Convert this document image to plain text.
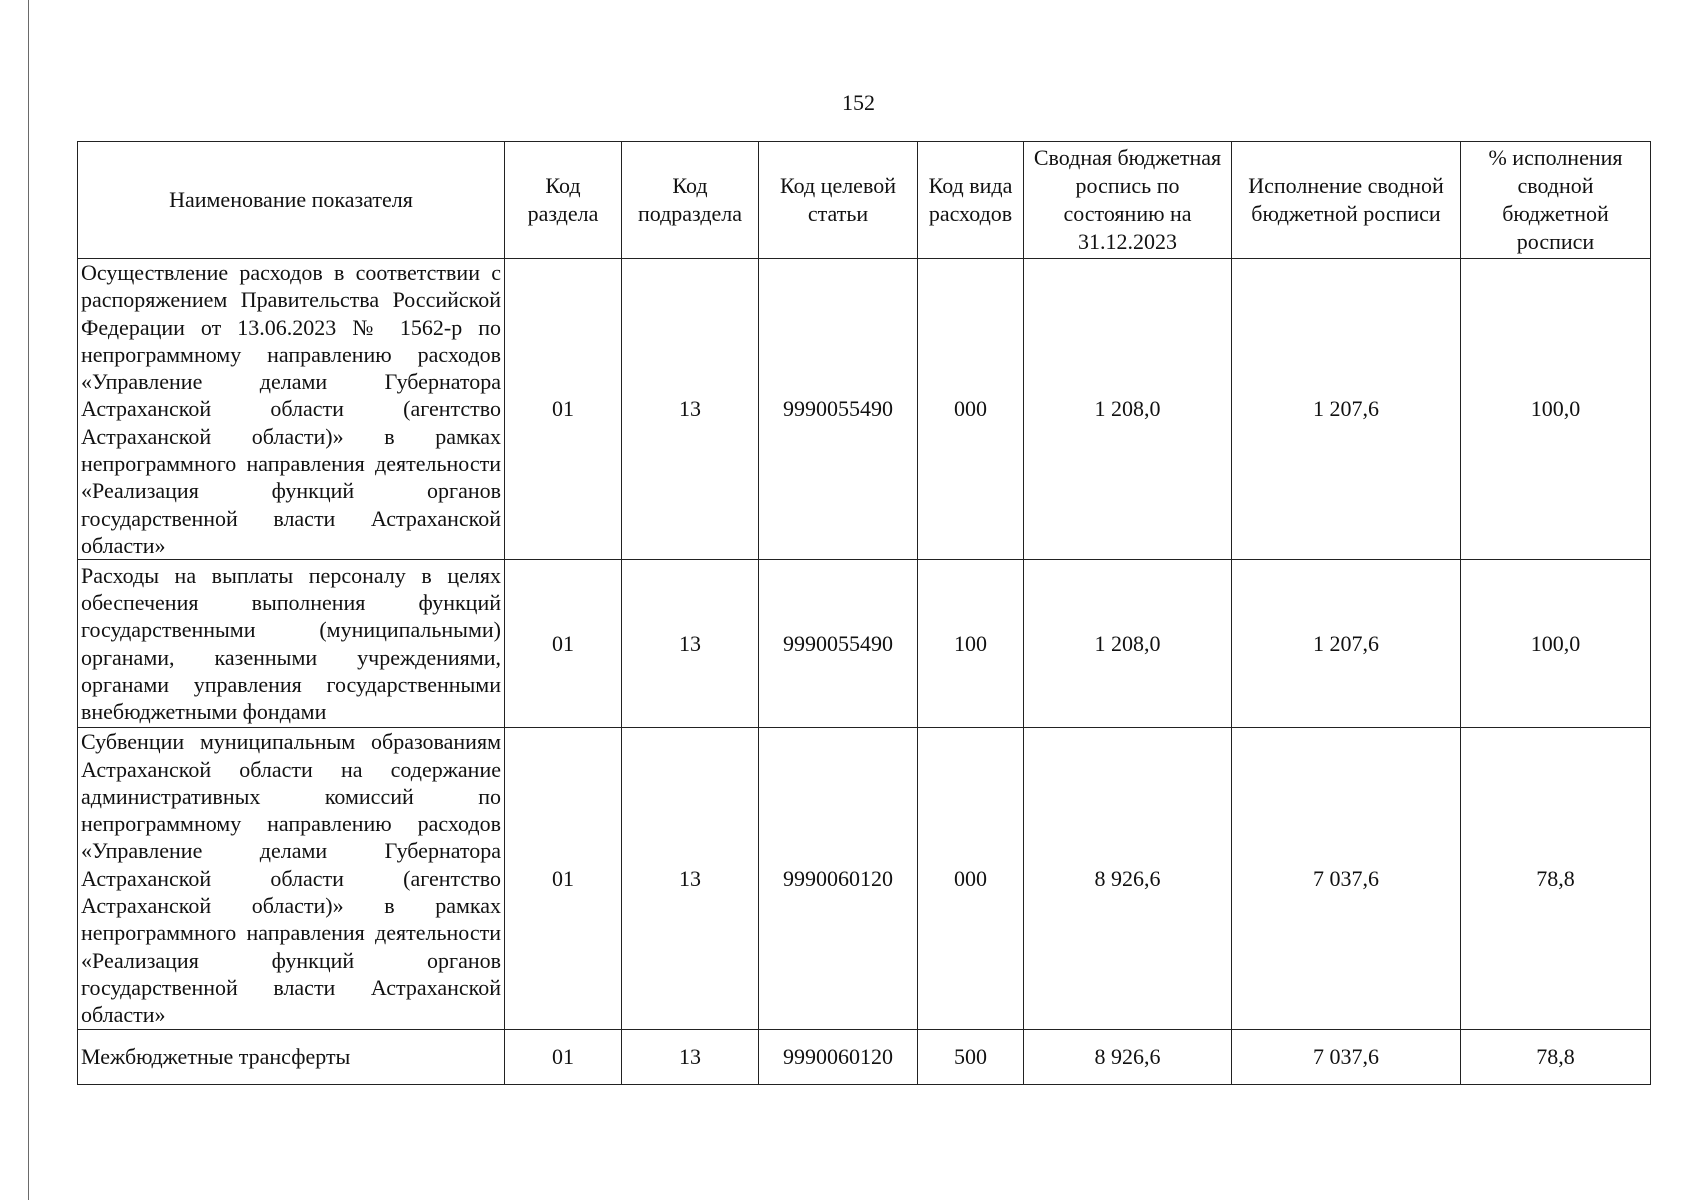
152
Наименование показателя	Код раздела	Код подраздела	Код целевой статьи	Код вида расходов	Сводная бюджетная роспись по состоянию на 31.12.2023	Исполнение сводной бюджетной росписи	% исполнения сводной бюджетной росписи
Осуществление расходов в соответствии с распоряжением Правительства Российской Федерации от 13.06.2023 № 1562-р по непрограммному направлению расходов «Управление делами Губернатора Астраханской области (агентство Астраханской области)» в рамках непрограммного направления деятельности «Реализация функций органов государственной власти Астраханской области»	01	13	9990055490	000	1 208,0	1 207,6	100,0
Расходы на выплаты персоналу в целях обеспечения выполнения функций государственными (муниципальными) органами, казенными учреждениями, органами управления государственными внебюджетными фондами	01	13	9990055490	100	1 208,0	1 207,6	100,0
Субвенции муниципальным образованиям Астраханской области на содержание административных комиссий по непрограммному направлению расходов «Управление делами Губернатора Астраханской области (агентство Астраханской области)» в рамках непрограммного направления деятельности «Реализация функций органов государственной власти Астраханской области»	01	13	9990060120	000	8 926,6	7 037,6	78,8
Межбюджетные трансферты	01	13	9990060120	500	8 926,6	7 037,6	78,8
